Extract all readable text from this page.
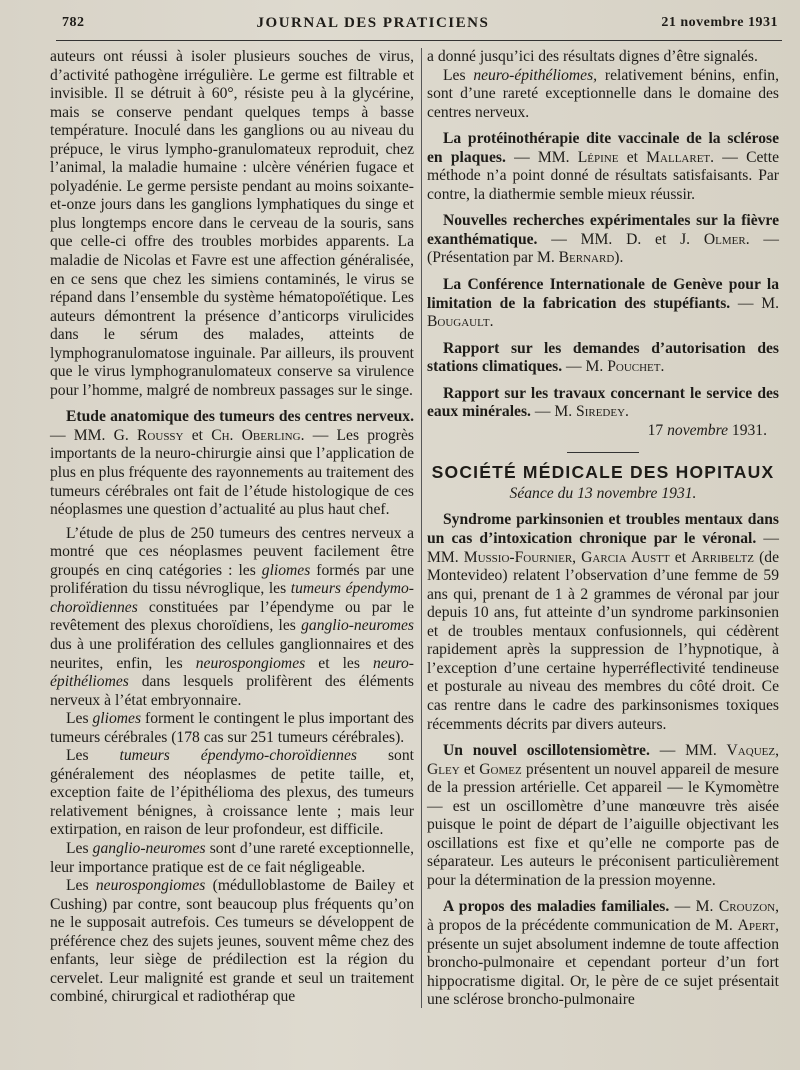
782	JOURNAL DES PRATICIENS	21 novembre 1931

auteurs ont réussi à isoler plusieurs souches de virus, d’activité pathogène irrégulière. Le germe est filtrable et invisible. Il se détruit à 60°, résiste peu à la glycérine, mais se conserve pendant quelques temps à basse température. Inoculé dans les ganglions ou au niveau du prépuce, le virus lympho-granulomateux reproduit, chez l’animal, la maladie humaine : ulcère vénérien fugace et polyadénie. Le germe persiste pendant au moins soixante-et-onze jours dans les ganglions lymphatiques du singe et plus longtemps encore dans le cerveau de la souris, sans que celle-ci offre des troubles morbides apparents. La maladie de Nicolas et Favre est une affection généralisée, en ce sens que chez les simiens contaminés, le virus se répand dans l’ensemble du système hématopoïétique. Les auteurs démontrent la présence d’anticorps virulicides dans le sérum des malades, atteints de lymphogranulomatose inguinale. Par ailleurs, ils prouvent que le virus lymphogranulomateux conserve sa virulence pour l’homme, malgré de nombreux passages sur le singe.

Etude anatomique des tumeurs des centres nerveux. — MM. G. Roussy et Ch. Oberling. — Les progrès importants de la neuro-chirurgie ainsi que l’application de plus en plus fréquente des rayonnements au traitement des tumeurs cérébrales ont fait de l’étude histologique de ces néoplasmes une question d’actualité au plus haut chef.

L’étude de plus de 250 tumeurs des centres nerveux a montré que ces néoplasmes peuvent facilement être groupés en cinq catégories : les gliomes formés par une prolifération du tissu névroglique, les tumeurs épendymo-choroïdiennes constituées par l’épendyme ou par le revêtement des plexus choroïdiens, les ganglio-neuromes dus à une prolifération des cellules ganglionnaires et des neurites, enfin, les neurospongiomes et les neuro-épithéliomes dans lesquels prolifèrent des éléments nerveux à l’état embryonnaire.

Les gliomes forment le contingent le plus important des tumeurs cérébrales (178 cas sur 251 tumeurs cérébrales).

Les tumeurs épendymo-choroïdiennes sont généralement des néoplasmes de petite taille, et, exception faite de l’épithélioma des plexus, des tumeurs relativement bénignes, à croissance lente ; mais leur extirpation, en raison de leur profondeur, est difficile.

Les ganglio-neuromes sont d’une rareté exceptionnelle, leur importance pratique est de ce fait négligeable.

Les neurospongiomes (médulloblastome de Bailey et Cushing) par contre, sont beaucoup plus fréquents qu’on ne le supposait autrefois. Ces tumeurs se développent de préférence chez des sujets jeunes, souvent même chez des enfants, leur siège de prédilection est la région du cervelet. Leur malignité est grande et seul un traitement combiné, chirurgical et radiothérap que

a donné jusqu’ici des résultats dignes d’être signalés.

Les neuro-épithéliomes, relativement bénins, enfin, sont d’une rareté exceptionnelle dans le domaine des centres nerveux.

La protéinothérapie dite vaccinale de la sclérose en plaques. — MM. Lépine et Mallaret. — Cette méthode n’a point donné de résultats satisfaisants. Par contre, la diathermie semble mieux réussir.

Nouvelles recherches expérimentales sur la fièvre exanthématique. — MM. D. et J. Olmer. — (Présentation par M. Bernard).

La Conférence Internationale de Genève pour la limitation de la fabrication des stupéfiants. — M. Bougault.

Rapport sur les demandes d’autorisation des stations climatiques. — M. Pouchet.

Rapport sur les travaux concernant le service des eaux minérales. — M. Siredey.

17 novembre 1931.

SOCIÉTÉ MÉDICALE DES HOPITAUX
Séance du 13 novembre 1931.

Syndrome parkinsonien et troubles mentaux dans un cas d’intoxication chronique par le véronal. — MM. Mussio-Fournier, Garcia Austt et Arribeltz (de Montevideo) relatent l’observation d’une femme de 59 ans qui, prenant de 1 à 2 grammes de véronal par jour depuis 10 ans, fut atteinte d’un syndrome parkinsonien et de troubles mentaux confusionnels, qui cédèrent rapidement après la suppression de l’hypnotique, à l’exception d’une certaine hyperréflectivité tendineuse et posturale au niveau des membres du côté droit. Ce cas rentre dans le cadre des parkinsonismes toxiques récemments décrits par divers auteurs.

Un nouvel oscillotensiomètre. — MM. Vaquez, Gley et Gomez présentent un nouvel appareil de mesure de la pression artérielle. Cet appareil — le Kymomètre — est un oscillomètre d’une manœuvre très aisée puisque le point de départ de l’aiguille objectivant les oscillations est fixe et qu’elle ne comporte pas de séparateur. Les auteurs le préconisent particulièrement pour la détermination de la pression moyenne.

A propos des maladies familiales. — M. Crouzon, à propos de la précédente communication de M. Apert, présente un sujet absolument indemne de toute affection broncho-pulmonaire et cependant porteur d’un fort hippocratisme digital. Or, le père de ce sujet présentait une sclérose broncho-pulmonaire
